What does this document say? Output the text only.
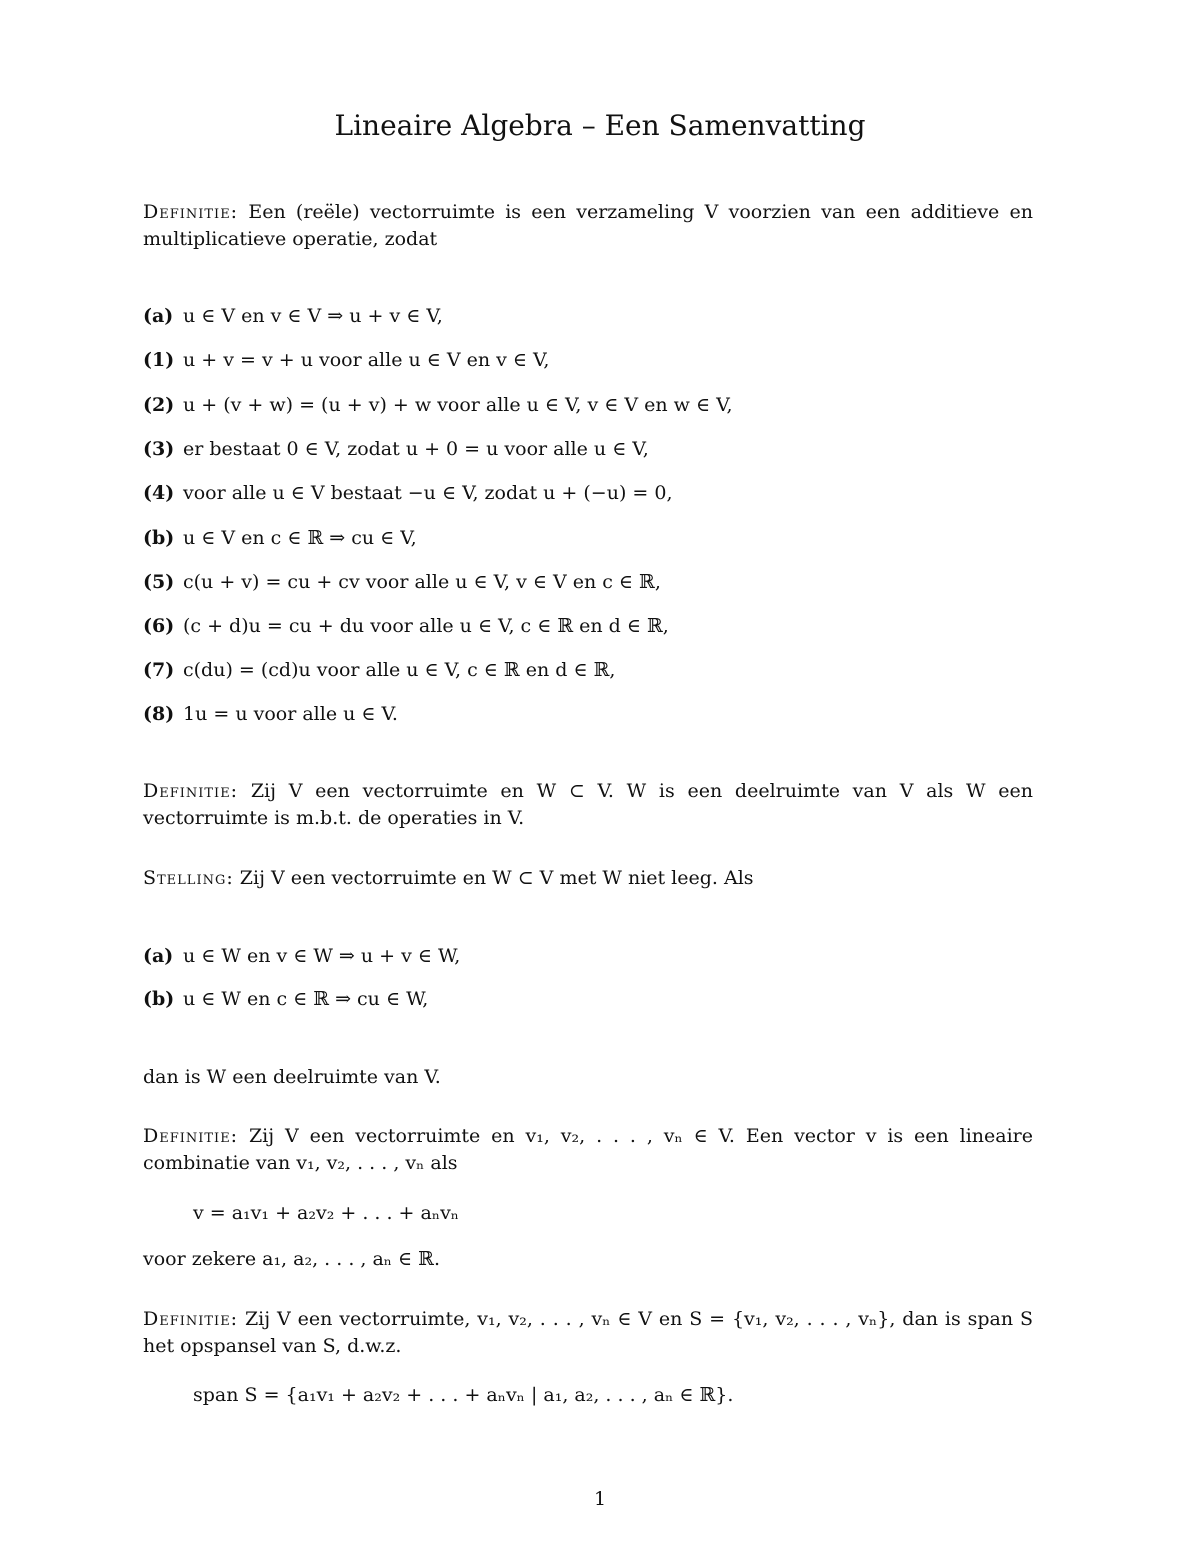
Lineaire Algebra – Een Samenvatting
Definitie: Een (reële) vectorruimte is een verzameling V voorzien van een additieve en multiplicatieve operatie, zodat
(a) u ∈ V en v ∈ V ⇒ u + v ∈ V,
(1) u + v = v + u voor alle u ∈ V en v ∈ V,
(2) u + (v + w) = (u + v) + w voor alle u ∈ V, v ∈ V en w ∈ V,
(3) er bestaat 0 ∈ V, zodat u + 0 = u voor alle u ∈ V,
(4) voor alle u ∈ V bestaat −u ∈ V, zodat u + (−u) = 0,
(b) u ∈ V en c ∈ ℝ ⇒ cu ∈ V,
(5) c(u + v) = cu + cv voor alle u ∈ V, v ∈ V en c ∈ ℝ,
(6) (c + d)u = cu + du voor alle u ∈ V, c ∈ ℝ en d ∈ ℝ,
(7) c(du) = (cd)u voor alle u ∈ V, c ∈ ℝ en d ∈ ℝ,
(8) 1u = u voor alle u ∈ V.
Definitie: Zij V een vectorruimte en W ⊂ V. W is een deelruimte van V als W een vectorruimte is m.b.t. de operaties in V.
Stelling: Zij V een vectorruimte en W ⊂ V met W niet leeg. Als
(a) u ∈ W en v ∈ W ⇒ u + v ∈ W,
(b) u ∈ W en c ∈ ℝ ⇒ cu ∈ W,
dan is W een deelruimte van V.
Definitie: Zij V een vectorruimte en v₁, v₂, . . . , vₙ ∈ V. Een vector v is een lineaire combinatie van v₁, v₂, . . . , vₙ als
v = a₁v₁ + a₂v₂ + . . . + aₙvₙ
voor zekere a₁, a₂, . . . , aₙ ∈ ℝ.
Definitie: Zij V een vectorruimte, v₁, v₂, . . . , vₙ ∈ V en S = {v₁, v₂, . . . , vₙ}, dan is span S het opspansel van S, d.w.z.
span S = {a₁v₁ + a₂v₂ + . . . + aₙvₙ | a₁, a₂, . . . , aₙ ∈ ℝ}.
1
